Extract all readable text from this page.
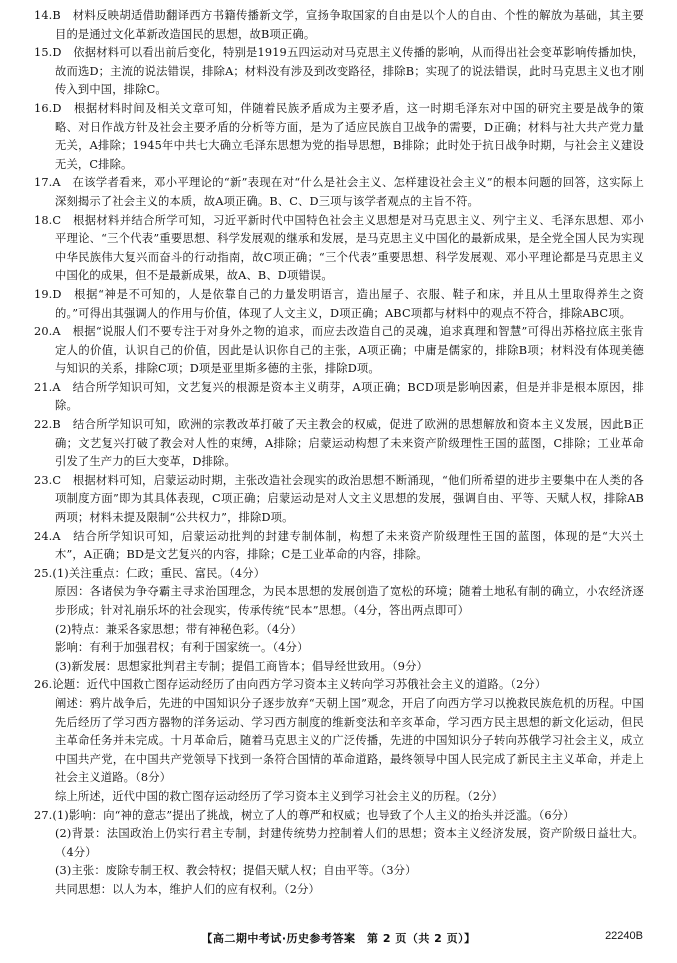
14.B　材料反映胡适借助翻译西方书籍传播新文学，宣扬争取国家的自由是以个人的自由、个性的解放为基础，其主要目的是通过文化革新改造国民的思想，故B项正确。

15.D　依据材料可以看出前后变化，特别是1919五四运动对马克思主义传播的影响，从而得出社会变革影响传播加快，故而选D；主流的说法错误，排除A；材料没有涉及到改变路径，排除B；实现了的说法错误，此时马克思主义也才刚传入到中国，排除C。

16.D　根据材料时间及相关文章可知，伴随着民族矛盾成为主要矛盾，这一时期毛泽东对中国的研究主要是战争的策略、对日作战方针及社会主要矛盾的分析等方面，是为了适应民族自卫战争的需要，D正确；材料与社大共产党力量无关，A排除；1945年中共七大确立毛泽东思想为党的指导思想，B排除；此时处于抗日战争时期，与社会主义建设无关，C排除。

17.A　在该学者看来，邓小平理论的“新”表现在对“什么是社会主义、怎样建设社会主义”的根本问题的回答，这实际上深刻揭示了社会主义的本质，故A项正确。B、C、D三项与该学者观点的主旨不符。

18.C　根据材料并结合所学可知，习近平新时代中国特色社会主义思想是对马克思主义、列宁主义、毛泽东思想、邓小平理论、“三个代表”重要思想、科学发展观的继承和发展，是马克思主义中国化的最新成果，是全党全国人民为实现中华民族伟大复兴而奋斗的行动指南，故C项正确；“三个代表”重要思想、科学发展观、邓小平理论都是马克思主义中国化的成果，但不是最新成果，故A、B、D项错误。

19.D　根据“神是不可知的，人是依靠自己的力量发明语言，造出屋子、衣服、鞋子和床，并且从土里取得养生之资的。”可得出其强调人的作用与价值，体现了人文主义，D项正确；ABC项都与材料中的观点不符合，排除ABC项。

20.A　根据“说服人们不要专注于对身外之物的追求，而应去改造自己的灵魂，追求真理和智慧”可得出苏格拉底主张肯定人的价值，认识自己的价值，因此是认识你自己的主张，A项正确；中庸是儒家的，排除B项；材料没有体现美德与知识的关系，排除C项；D项是亚里斯多德的主张，排除D项。

21.A　结合所学知识可知，文艺复兴的根源是资本主义萌芽，A项正确；BCD项是影响因素，但是并非是根本原因，排除。

22.B　结合所学知识可知，欧洲的宗教改革打破了天主教会的权威，促进了欧洲的思想解放和资本主义发展，因此B正确；文艺复兴打破了教会对人性的束缚，A排除；启蒙运动构想了未来资产阶级理性王国的蓝图，C排除；工业革命引发了生产力的巨大变革，D排除。

23.C　根据材料可知，启蒙运动时期，主张改造社会现实的政治思想不断涌现，“他们所希望的进步主要集中在人类的各项制度方面”即为其具体表现，C项正确；启蒙运动是对人文主义思想的发展，强调自由、平等、天赋人权，排除AB两项；材料未提及限制“公共权力”，排除D项。

24.A　结合所学知识可知，启蒙运动批判的封建专制体制，构想了未来资产阶级理性王国的蓝图，体现的是“大兴土木”，A正确；BD是文艺复兴的内容，排除；C是工业革命的内容，排除。

25.(1)关注重点：仁政；重民、富民。（4分）

原因：各诸侯为争夺霸主寻求治国理念，为民本思想的发展创造了宽松的环境；随着土地私有制的确立，小农经济逐步形成；针对礼崩乐坏的社会现实，传承传统“民本”思想。（4分，答出两点即可）

(2)特点：兼采各家思想；带有神秘色彩。（4分）

影响：有利于加强君权；有利于国家统一。（4分）

(3)新发展：思想家批判君主专制；提倡工商皆本；倡导经世致用。（9分）

26.论题：近代中国救亡图存运动经历了由向西方学习资本主义转向学习苏俄社会主义的道路。（2分）

阐述：鸦片战争后，先进的中国知识分子逐步放弃“天朝上国”观念，开启了向西方学习以挽救民族危机的历程。中国先后经历了学习西方器物的洋务运动、学习西方制度的维新变法和辛亥革命，学习西方民主思想的新文化运动，但民主革命任务并未完成。十月革命后，随着马克思主义的广泛传播，先进的中国知识分子转向苏俄学习社会主义，成立中国共产党，在中国共产党领导下找到一条符合国情的革命道路，最终领导中国人民完成了新民主主义革命，并走上社会主义道路。（8分）

综上所述，近代中国的救亡图存运动经历了学习资本主义到学习社会主义的历程。（2分）

27.(1)影响：向“神的意志”提出了挑战，树立了人的尊严和权威；也导致了个人主义的抬头并泛滥。（6分）

(2)背景：法国政治上仍实行君主专制，封建传统势力控制着人们的思想；资本主义经济发展，资产阶级日益壮大。（4分）

(3)主张：废除专制王权、教会特权；提倡天赋人权；自由平等。（3分）

共同思想：以人为本，维护人们的应有权利。（2分）

【高二期中考试·历史参考答案　第 2 页（共 2 页）】	22240B
